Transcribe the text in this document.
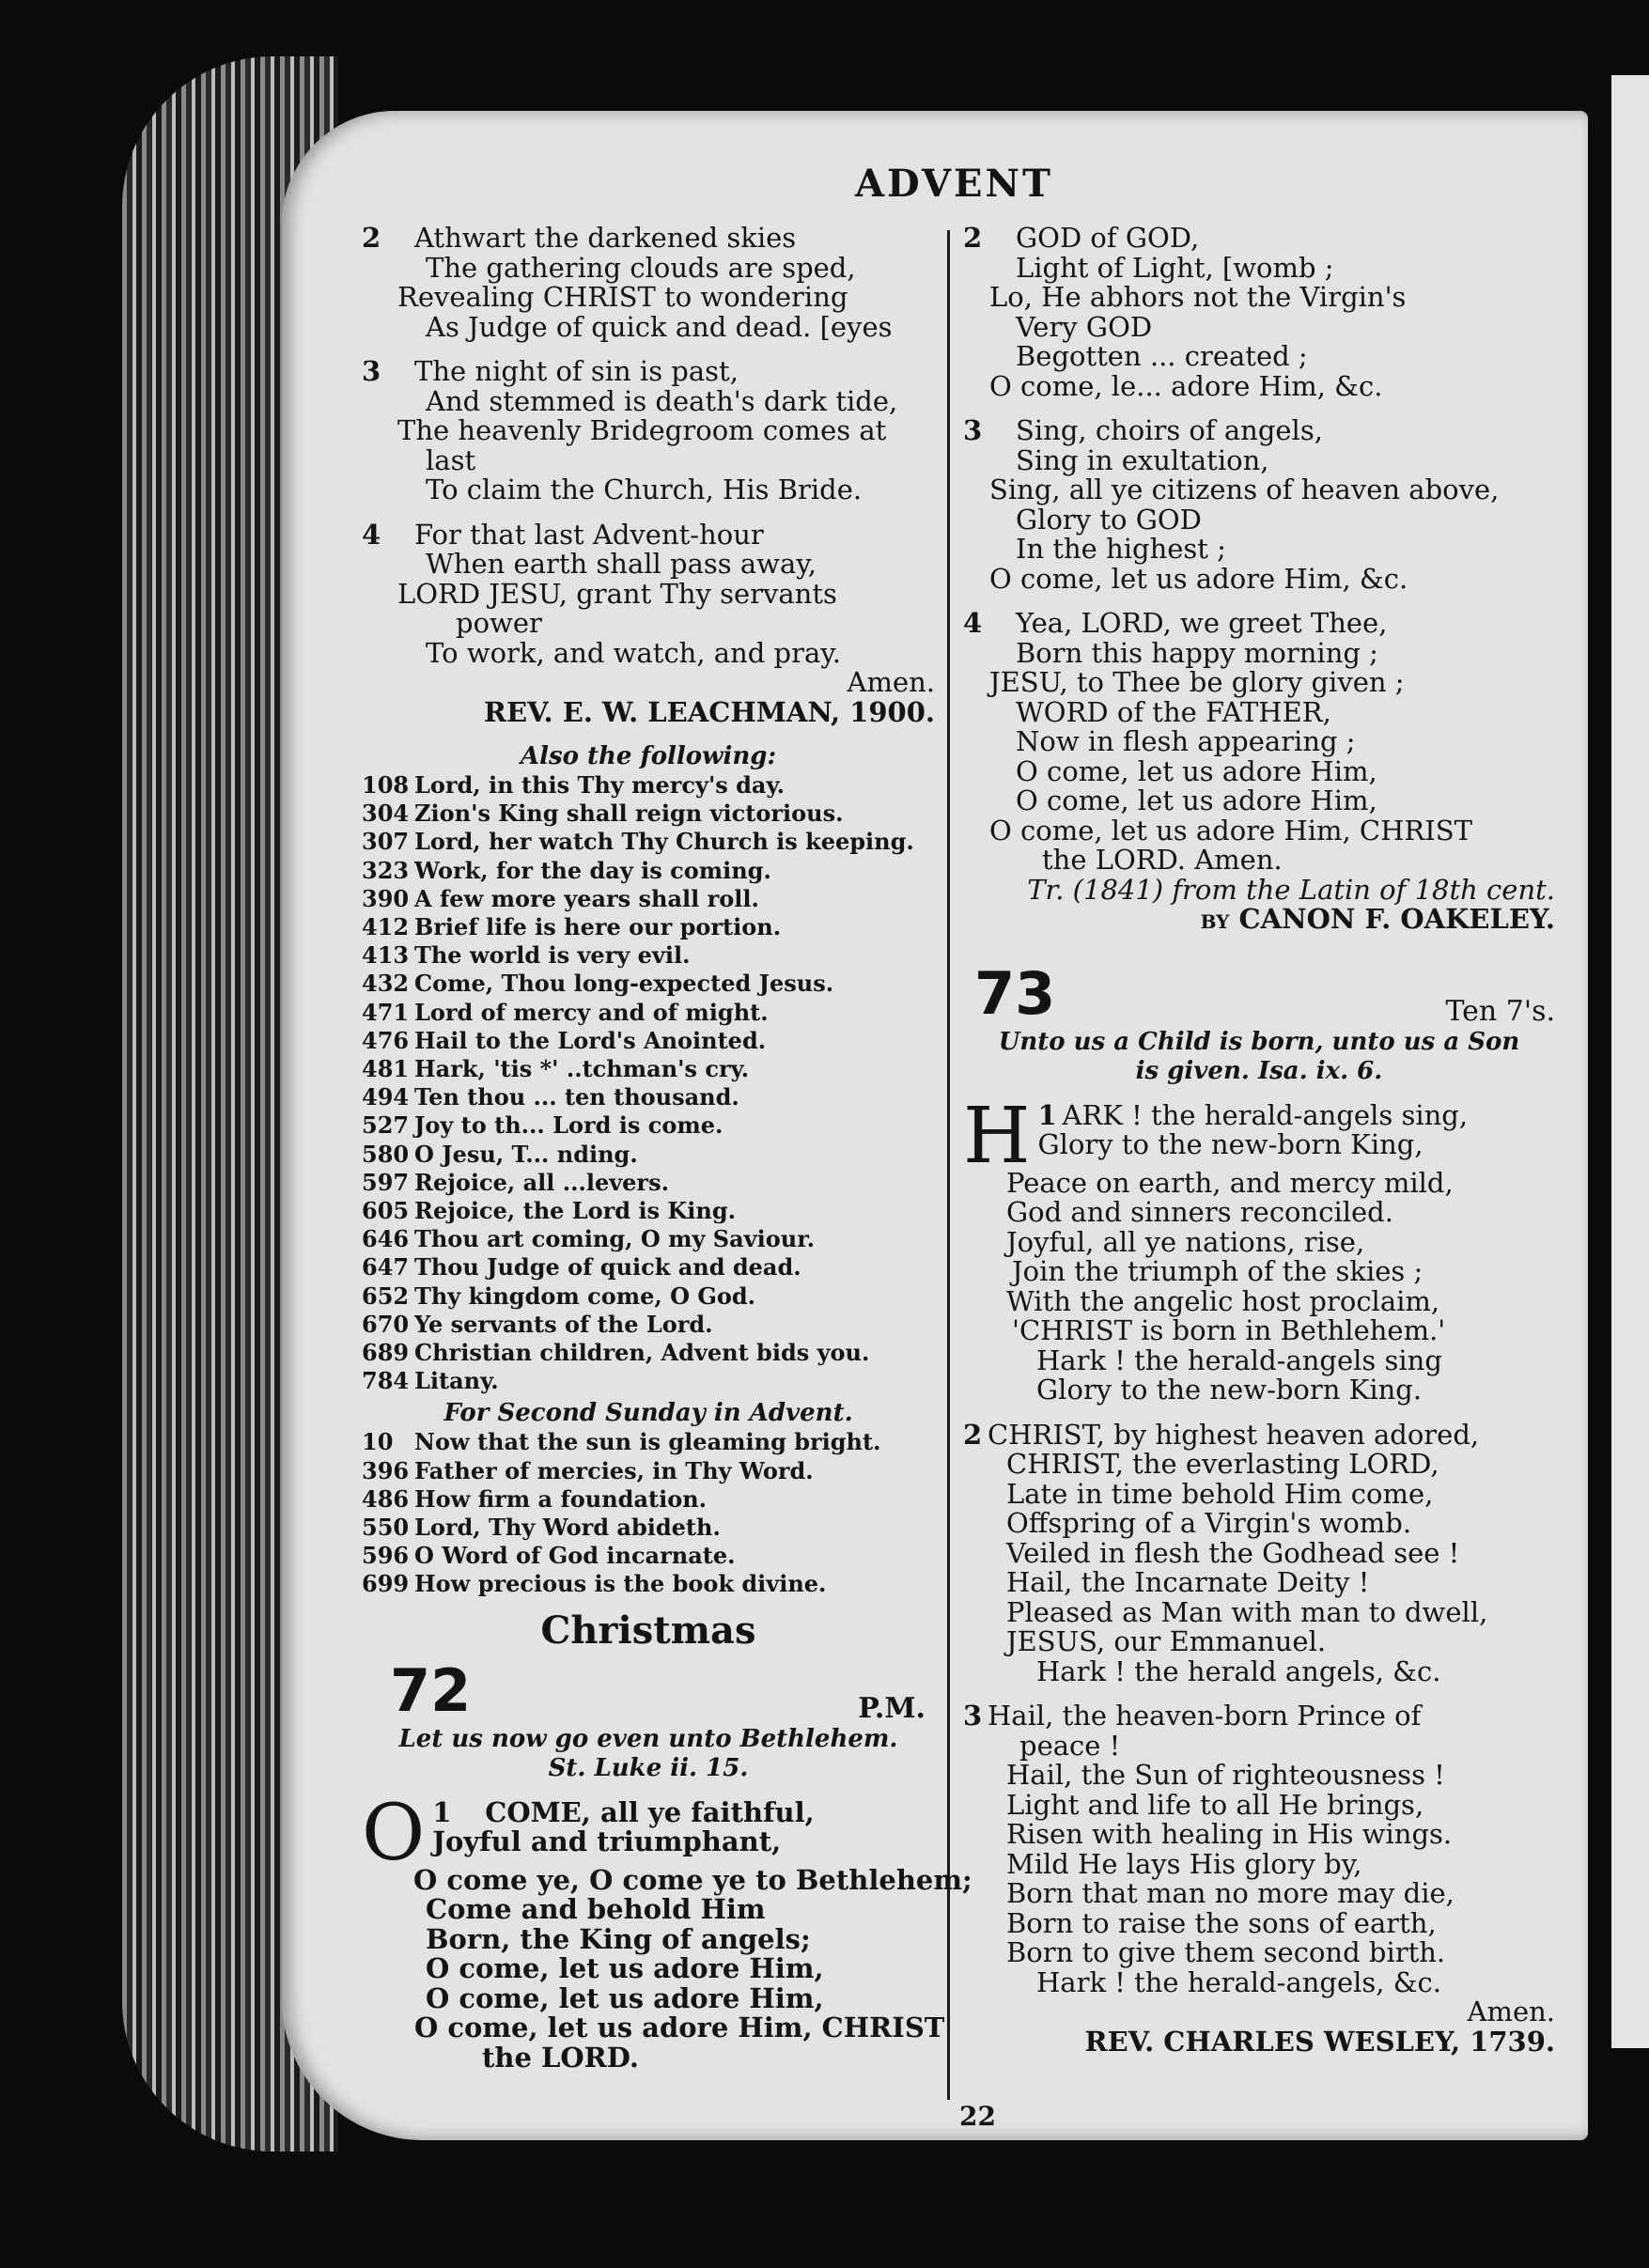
ADVENT
2 Athwart the darkened skies
The gathering clouds are sped,
Revealing CHRIST to wondering
As Judge of quick and dead. [eyes
3 The night of sin is past,
And stemmed is death's dark tide,
The heavenly Bridegroom comes at
last
To claim the Church, His Bride.
4 For that last Advent-hour
When earth shall pass away,
LORD JESU, grant Thy servants
power
To work, and watch, and pray.
Amen.
REV. E. W. LEACHMAN, 1900.
Also the following:
108 Lord, in this Thy mercy's day.
304 Zion's King shall reign victorious.
307 Lord, her watch Thy Church is keeping.
323 Work, for the day is coming.
390 A few more years shall roll.
412 Brief life is here our portion.
413 The world is very evil.
432 Come, Thou long-expected Jesus.
471 Lord of mercy and of might.
476 Hail to the Lord's Anointed.
481 Hark, 'tis *' ..tchman's cry.
494 Ten thou ... ten thousand.
527 Joy to th... Lord is come.
580 O Jesu, T... nding.
597 Rejoice, all ...levers.
605 Rejoice, the Lord is King.
646 Thou art coming, O my Saviour.
647 Thou Judge of quick and dead.
652 Thy kingdom come, O God.
670 Ye servants of the Lord.
689 Christian children, Advent bids you.
784 Litany.
For Second Sunday in Advent.
10 Now that the sun is gleaming bright.
396 Father of mercies, in Thy Word.
486 How firm a foundation.
550 Lord, Thy Word abideth.
596 O Word of God incarnate.
699 How precious is the book divine.
Christmas
72	P.M.
Let us now go even unto Bethlehem.
St. Luke ii. 15.
1
O COME, all ye faithful,
Joyful and triumphant,
O come ye, O come ye to Bethlehem;
Come and behold Him
Born, the King of angels;
O come, let us adore Him,
O come, let us adore Him,
O come, let us adore Him, CHRIST
the LORD.
2 GOD of GOD,
Light of Light, [womb ;
Lo, He abhors not the Virgin's
Very GOD
Begotten ... created ;
O come, le... adore Him, &c.
3 Sing, choirs of angels,
Sing in exultation,
Sing, all ye citizens of heaven above,
Glory to GOD
In the highest ;
O come, let us adore Him, &c.
4 Yea, LORD, we greet Thee,
Born this happy morning ;
JESU, to Thee be glory given ;
WORD of the FATHER,
Now in flesh appearing ;
O come, let us adore Him,
O come, let us adore Him,
O come, let us adore Him, CHRIST
the LORD. Amen.
Tr. (1841) from the Latin of 18th cent.
by CANON F. OAKELEY.
73	Ten 7's.
Unto us a Child is born, unto us a Son
is given. Isa. ix. 6.
1
H ARK ! the herald-angels sing,
Glory to the new-born King,
Peace on earth, and mercy mild,
God and sinners reconciled.
Joyful, all ye nations, rise,
Join the triumph of the skies ;
With the angelic host proclaim,
'CHRIST is born in Bethlehem.'
Hark ! the herald-angels sing
Glory to the new-born King.
2 CHRIST, by highest heaven adored,
CHRIST, the everlasting LORD,
Late in time behold Him come,
Offspring of a Virgin's womb.
Veiled in flesh the Godhead see !
Hail, the Incarnate Deity !
Pleased as Man with man to dwell,
JESUS, our Emmanuel.
Hark ! the herald angels, &c.
3 Hail, the heaven-born Prince of
peace !
Hail, the Sun of righteousness !
Light and life to all He brings,
Risen with healing in His wings.
Mild He lays His glory by,
Born that man no more may die,
Born to raise the sons of earth,
Born to give them second birth.
Hark ! the herald-angels, &c.
Amen.
REV. CHARLES WESLEY, 1739.
22
